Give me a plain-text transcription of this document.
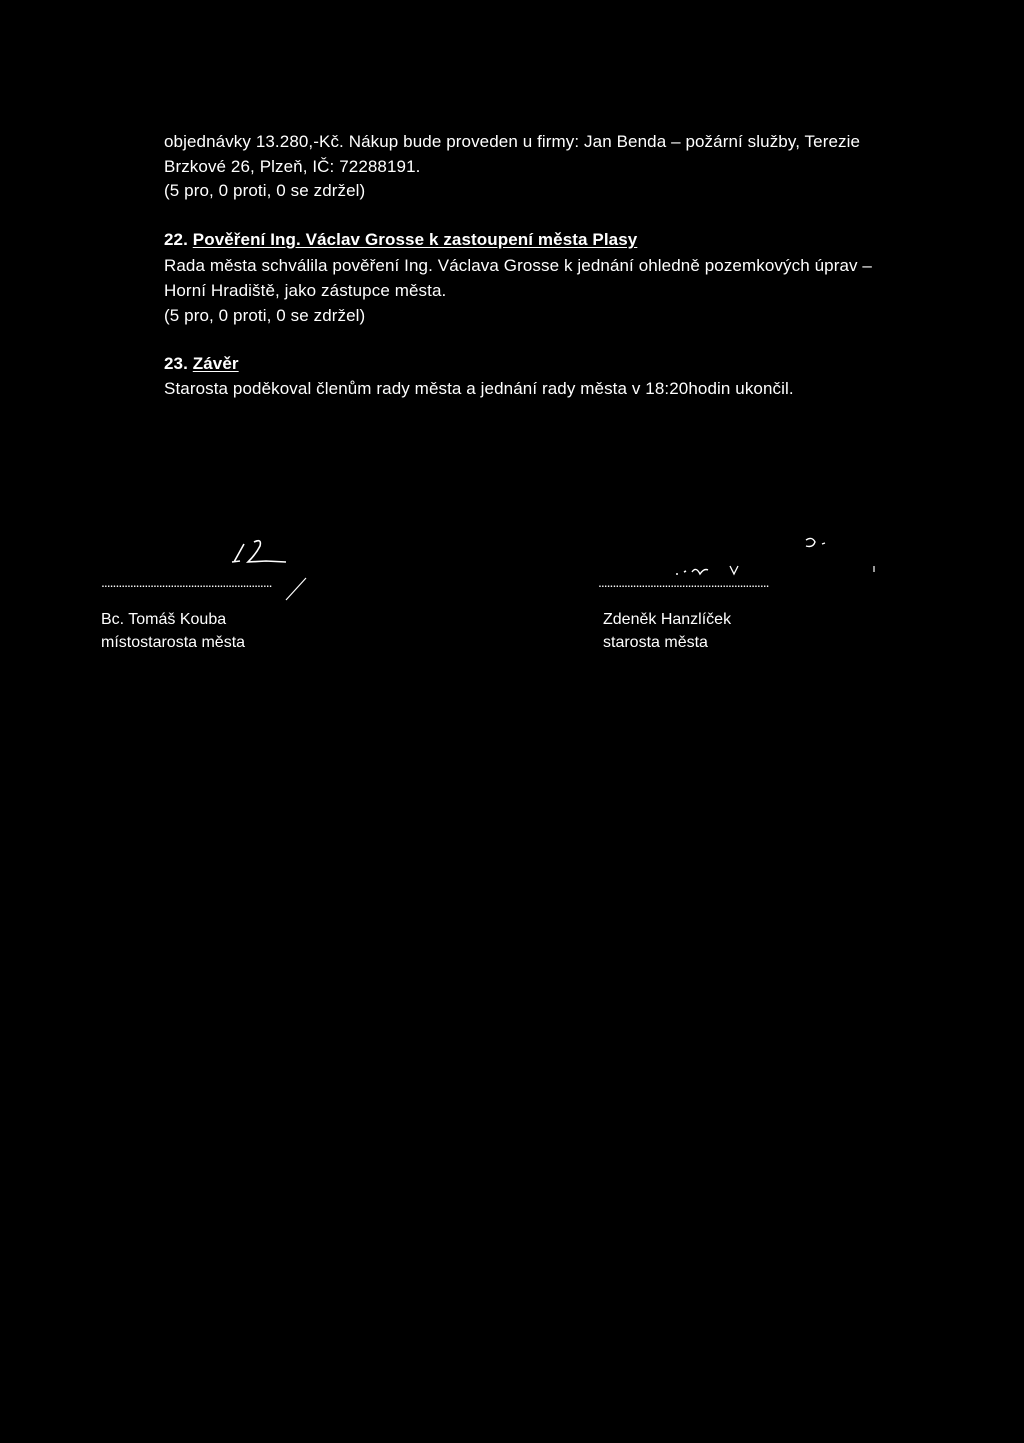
objednávky 13.280,-Kč. Nákup bude proveden u firmy: Jan Benda – požární služby, Terezie
Brzkové 26, Plzeň, IČ: 72288191.
(5 pro, 0 proti, 0 se zdržel)
22. Pověření Ing. Václav Grosse k zastoupení města Plasy
Rada města schválila pověření Ing. Václava Grosse k jednání ohledně pozemkových úprav –
Horní Hradiště, jako zástupce města.
(5 pro, 0 proti, 0 se zdržel)
23. Závěr
Starosta poděkoval členům rady města a jednání rady města v 18:20hodin ukončil.
...........................................................
Bc. Tomáš Kouba
místostarosta města
...........................................................
Zdeněk Hanzlíček
starosta města
